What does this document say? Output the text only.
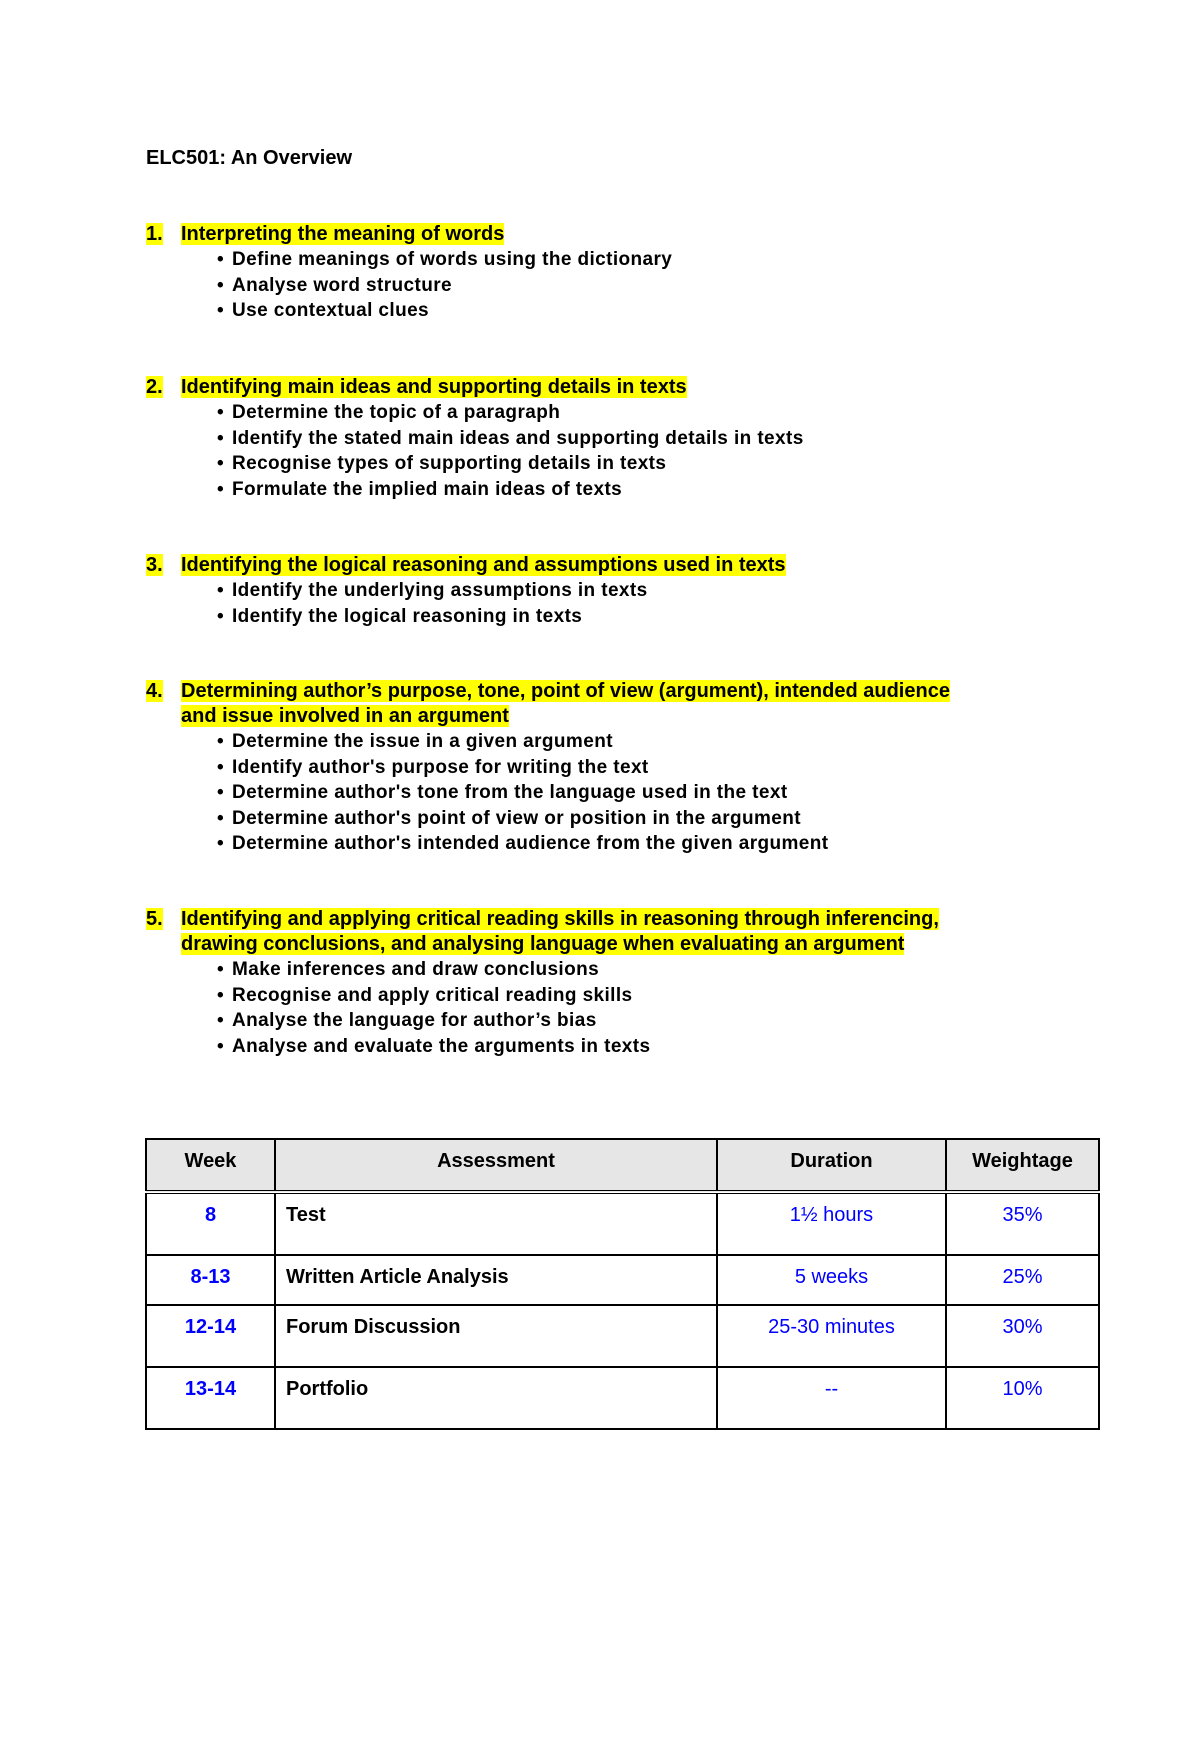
ELC501: An Overview
1. Interpreting the meaning of words
• Define meanings of words using the dictionary
• Analyse word structure
• Use contextual clues
2. Identifying main ideas and supporting details in texts
• Determine the topic of a paragraph
• Identify the stated main ideas and supporting details in texts
• Recognise types of supporting details in texts
• Formulate the implied main ideas of texts
3. Identifying the logical reasoning and assumptions used in texts
• Identify the underlying assumptions in texts
• Identify the logical reasoning in texts
4. Determining author’s purpose, tone, point of view (argument), intended audience
and issue involved in an argument
• Determine the issue in a given argument
• Identify author's purpose for writing the text
• Determine author's tone from the language used in the text
• Determine author's point of view or position in the argument
• Determine author's intended audience from the given argument
5. Identifying and applying critical reading skills in reasoning through inferencing,
drawing conclusions, and analysing language when evaluating an argument
• Make inferences and draw conclusions
• Recognise and apply critical reading skills
• Analyse the language for author’s bias
• Analyse and evaluate the arguments in texts
Week	Assessment	Duration	Weightage
8	Test	1½ hours	35%
8-13	Written Article Analysis	5 weeks	25%
12-14	Forum Discussion	25-30 minutes	30%
13-14	Portfolio	--	10%
